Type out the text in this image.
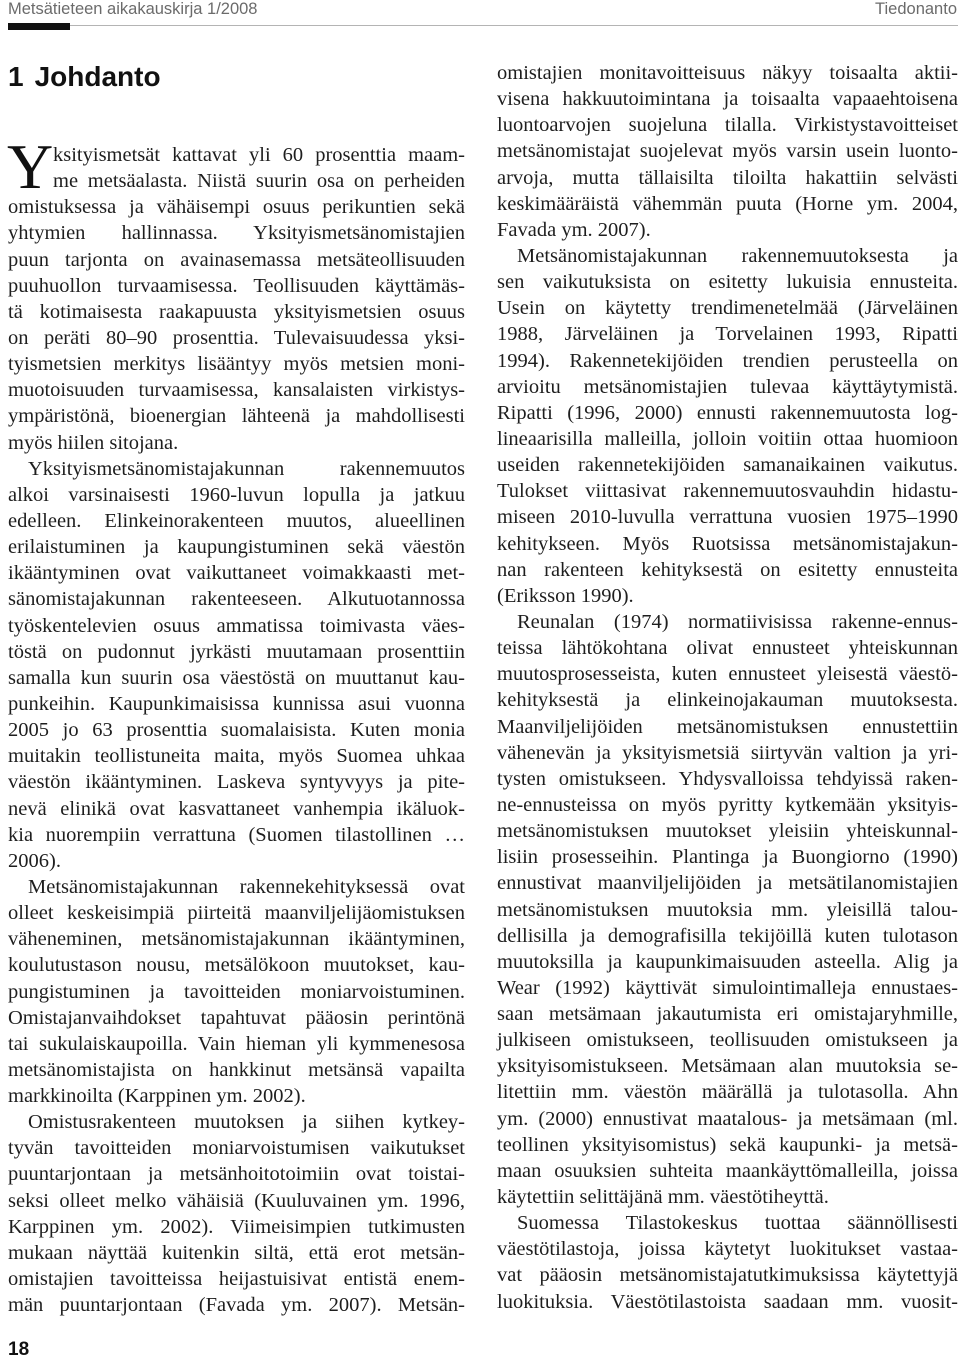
Metsätieteen aikakauskirja 1/2008	Tiedonanto
1 Johdanto
Y ksityismetsät kattavat yli 60 prosenttia maam-
me metsäalasta. Niistä suurin osa on perheiden
omistuksessa ja vähäisempi osuus perikuntien sekä
yhtymien hallinnassa. Yksityismetsänomistajien
puun tarjonta on avainasemassa metsäteollisuuden
puuhuollon turvaamisessa. Teollisuuden käyttämäs-
tä kotimaisesta raakapuusta yksityismetsien osuus
on peräti 80–90 prosenttia. Tulevaisuudessa yksi-
tyismetsien merkitys lisääntyy myös metsien moni-
muotoisuuden turvaamisessa, kansalaisten virkistys-
ympäristönä, bioenergian lähteenä ja mahdollisesti
myös hiilen sitojana.
Yksityismetsänomistajakunnan rakennemuutos
alkoi varsinaisesti 1960-luvun lopulla ja jatkuu
edelleen. Elinkeinorakenteen muutos, alueellinen
erilaistuminen ja kaupungistuminen sekä väestön
ikääntyminen ovat vaikuttaneet voimakkaasti met-
sänomistajakunnan rakenteeseen. Alkutuotannossa
työskentelevien osuus ammatissa toimivasta väes-
töstä on pudonnut jyrkästi muutamaan prosenttiin
samalla kun suurin osa väestöstä on muuttanut kau-
punkeihin. Kaupunkimaisissa kunnissa asui vuonna
2005 jo 63 prosenttia suomalaisista. Kuten monia
muitakin teollistuneita maita, myös Suomea uhkaa
väestön ikääntyminen. Laskeva syntyvyys ja pite-
nevä elinikä ovat kasvattaneet vanhempia ikäluok-
kia nuorempiin verrattuna (Suomen tilastollinen …
2006).
Metsänomistajakunnan rakennekehityksessä ovat
olleet keskeisimpiä piirteitä maanviljelijäomistuksen
väheneminen, metsänomistajakunnan ikääntyminen,
koulutustason nousu, metsälökoon muutokset, kau-
pungistuminen ja tavoitteiden moniarvoistuminen.
Omistajanvaihdokset tapahtuvat pääosin perintönä
tai sukulaiskaupoilla. Vain hieman yli kymmenesosa
metsänomistajista on hankkinut metsänsä vapailta
markkinoilta (Karppinen ym. 2002).
Omistusrakenteen muutoksen ja siihen kytkey-
tyvän tavoitteiden moniarvoistumisen vaikutukset
puuntarjontaan ja metsänhoitotoimiin ovat toistai-
seksi olleet melko vähäisiä (Kuuluvainen ym. 1996,
Karppinen ym. 2002). Viimeisimpien tutkimusten
mukaan näyttää kuitenkin siltä, että erot metsän-
omistajien tavoitteissa heijastuisivat entistä enem-
män puuntarjontaan (Favada ym. 2007). Metsän-
omistajien monitavoitteisuus näkyy toisaalta aktii-
visena hakkuutoimintana ja toisaalta vapaaehtoisena
luontoarvojen suojeluna tilalla. Virkistystavoitteiset
metsänomistajat suojelevat myös varsin usein luonto-
arvoja, mutta tällaisilta tiloilta hakattiin selvästi
keskimääräistä vähemmän puuta (Horne ym. 2004,
Favada ym. 2007).
Metsänomistajakunnan rakennemuutoksesta ja
sen vaikutuksista on esitetty lukuisia ennusteita.
Usein on käytetty trendimenetelmää (Järveläinen
1988, Järveläinen ja Torvelainen 1993, Ripatti
1994). Rakennetekijöiden trendien perusteella on
arvioitu metsänomistajien tulevaa käyttäytymistä.
Ripatti (1996, 2000) ennusti rakennemuutosta log-
lineaarisilla malleilla, jolloin voitiin ottaa huomioon
useiden rakennetekijöiden samanaikainen vaikutus.
Tulokset viittasivat rakennemuutosvauhdin hidastu-
miseen 2010-luvulla verrattuna vuosien 1975–1990
kehitykseen. Myös Ruotsissa metsänomistajakun-
nan rakenteen kehityksestä on esitetty ennusteita
(Eriksson 1990).
Reunalan (1974) normatiivisissa rakenne-ennus-
teissa lähtökohtana olivat ennusteet yhteiskunnan
muutosprosesseista, kuten ennusteet yleisestä väestö-
kehityksestä ja elinkeinojakauman muutoksesta.
Maanviljelijöiden metsänomistuksen ennustettiin
vähenevän ja yksityismetsiä siirtyvän valtion ja yri-
tysten omistukseen. Yhdysvalloissa tehdyissä raken-
ne-ennusteissa on myös pyritty kytkemään yksityis-
metsänomistuksen muutokset yleisiin yhteiskunnal-
lisiin prosesseihin. Plantinga ja Buongiorno (1990)
ennustivat maanviljelijöiden ja metsätilanomistajien
metsänomistuksen muutoksia mm. yleisillä talou-
dellisilla ja demografisilla tekijöillä kuten tulotason
muutoksilla ja kaupunkimaisuuden asteella. Alig ja
Wear (1992) käyttivät simulointimalleja ennustaes-
saan metsämaan jakautumista eri omistajaryhmille,
julkiseen omistukseen, teollisuuden omistukseen ja
yksityisomistukseen. Metsämaan alan muutoksia se-
litettiin mm. väestön määrällä ja tulotasolla. Ahn
ym. (2000) ennustivat maatalous- ja metsämaan (ml.
teollinen yksityisomistus) sekä kaupunki- ja metsä-
maan osuuksien suhteita maankäyttömalleilla, joissa
käytettiin selittäjänä mm. väestötiheyttä.
Suomessa Tilastokeskus tuottaa säännöllisesti
väestötilastoja, joissa käytetyt luokitukset vastaa-
vat pääosin metsänomistajatutkimuksissa käytettyjä
luokituksia. Väestötilastoista saadaan mm. vuosit-
18
